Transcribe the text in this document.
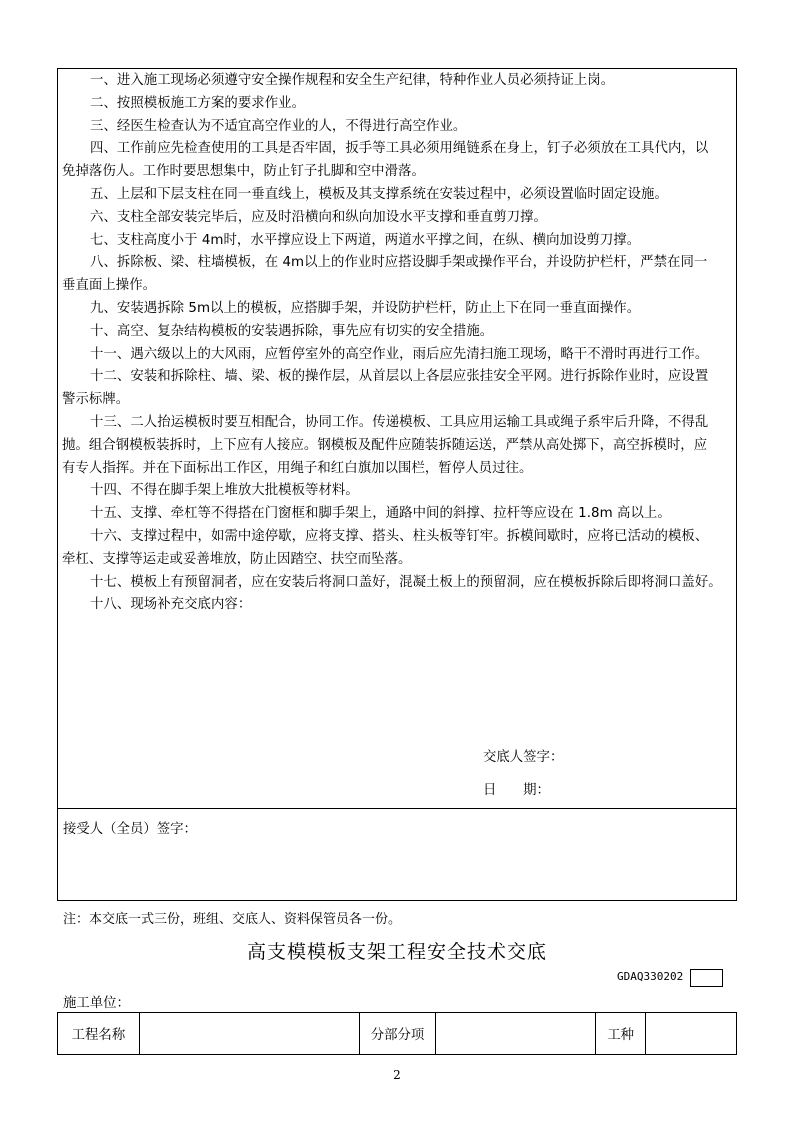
一、进入施工现场必须遵守安全操作规程和安全生产纪律，特种作业人员必须持证上岗。
二、按照模板施工方案的要求作业。
三、经医生检查认为不适宜高空作业的人，不得进行高空作业。
四、工作前应先检查使用的工具是否牢固，扳手等工具必须用绳链系在身上，钉子必须放在工具代内，以
免掉落伤人。工作时要思想集中，防止钉子扎脚和空中滑落。
五、上层和下层支柱在同一垂直线上，模板及其支撑系统在安装过程中，必须设置临时固定设施。
六、支柱全部安装完毕后，应及时沿横向和纵向加设水平支撑和垂直剪刀撑。
七、支柱高度小于 4m时，水平撑应设上下两道，两道水平撑之间，在纵、横向加设剪刀撑。
八、拆除板、梁、柱墙模板，在 4m以上的作业时应搭设脚手架或操作平台，并设防护栏杆，严禁在同一
垂直面上操作。
九、安装遇拆除 5m以上的模板，应搭脚手架，并设防护栏杆，防止上下在同一垂直面操作。
十、高空、复杂结构模板的安装遇拆除，事先应有切实的安全措施。
十一、遇六级以上的大风雨，应暂停室外的高空作业，雨后应先清扫施工现场，略干不滑时再进行工作。
十二、安装和拆除柱、墙、梁、板的操作层，从首层以上各层应张挂安全平网。进行拆除作业时，应设置
警示标牌。
十三、二人抬运模板时要互相配合，协同工作。传递模板、工具应用运输工具或绳子系牢后升降，不得乱
抛。组合钢模板装拆时，上下应有人接应。钢模板及配件应随装拆随运送，严禁从高处掷下，高空拆模时，应
有专人指挥。并在下面标出工作区，用绳子和红白旗加以围栏，暂停人员过往。
十四、不得在脚手架上堆放大批模板等材料。
十五、支撑、牵杠等不得搭在门窗框和脚手架上，通路中间的斜撑、拉杆等应设在 1.8m 高以上。
十六、支撑过程中，如需中途停歇，应将支撑、搭头、柱头板等钉牢。拆模间歇时，应将已活动的模板、
牵杠、支撑等运走或妥善堆放，防止因踏空、扶空而坠落。
十七、模板上有预留洞者，应在安装后将洞口盖好，混凝土板上的预留洞，应在模板拆除后即将洞口盖好。
十八、现场补充交底内容：
交底人签字：
日　　期：
接受人（全员）签字：
注：本交底一式三份，班组、交底人、资料保管员各一份。
高支模模板支架工程安全技术交底
GDAQ330202
施工单位：
工程名称		分部分项		工种	
2
